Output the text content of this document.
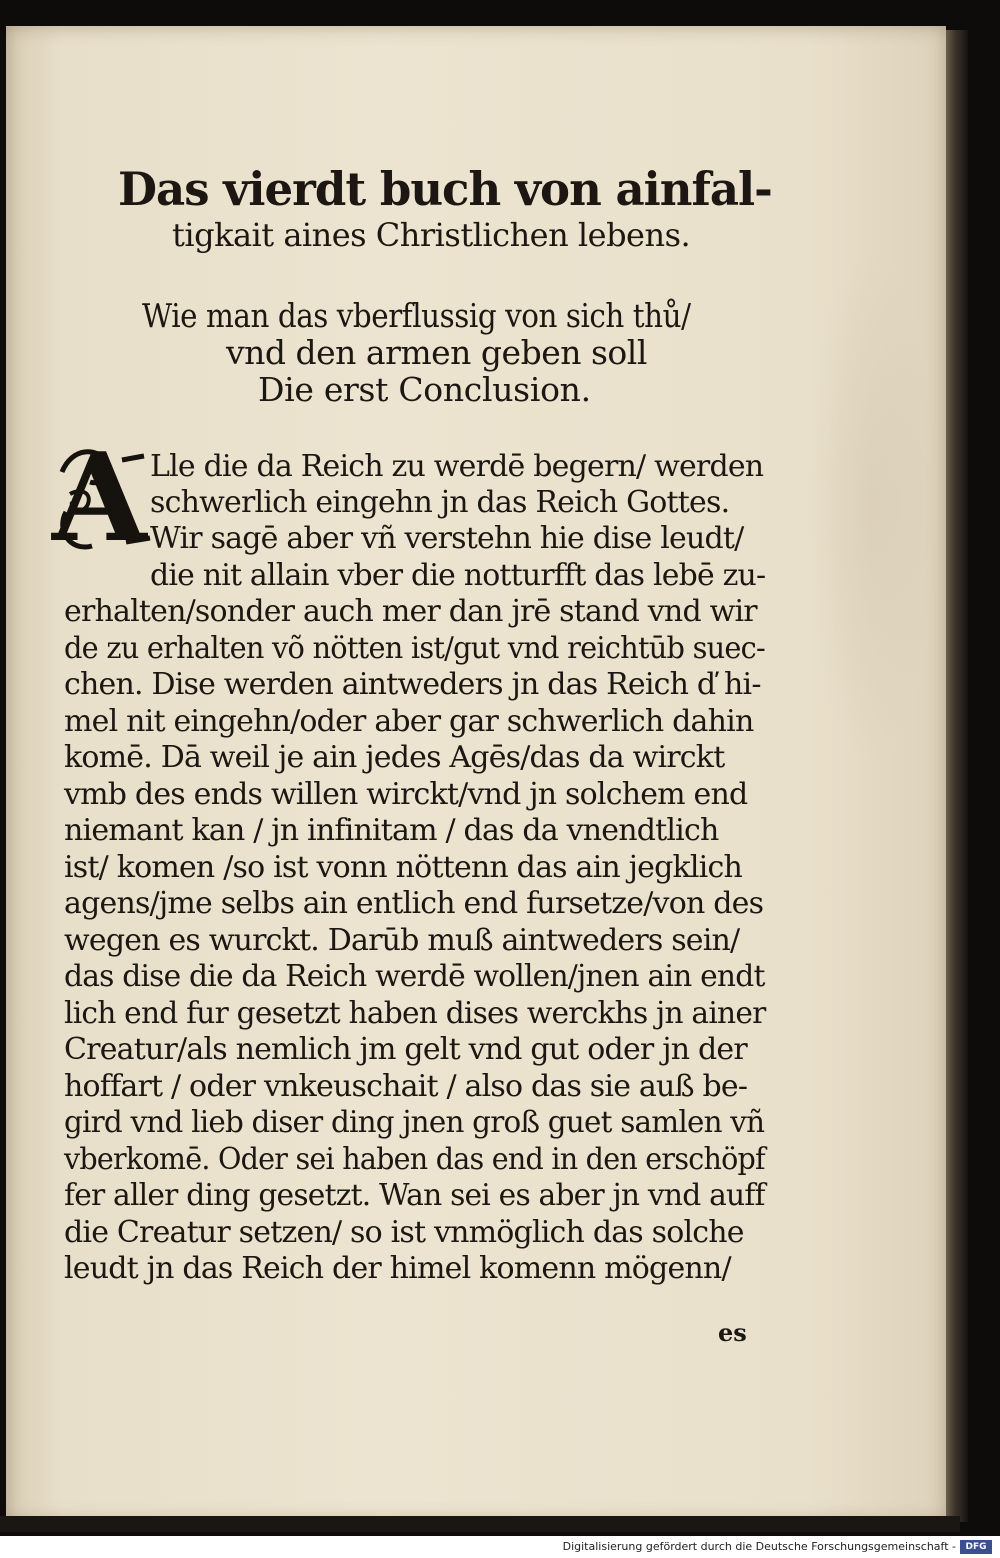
Das vierdt buch von ainfal-
tigkait aines Christlichen lebens.
Wie man das vberflussig von sich thů/
vnd den armen geben soll
Die erst Conclusion.
A Lle die da Reich zu werdē begern/ werden
schwerlich eingehn jn das Reich Gottes.
Wir sagē aber vñ verstehn hie dise leudt/
die nit allain vber die notturfft das lebē zu-
erhalten/sonder auch mer dan jrē stand vnd wir
de zu erhalten võ nötten ist/gut vnd reichtūb suec-
chen. Dise werden aintweders jn das Reich ď hi-
mel nit eingehn/oder aber gar schwerlich dahin
komē. Dā weil je ain jedes Agēs/das da wirckt
vmb des ends willen wirckt/vnd jn solchem end
niemant kan / jn infinitam / das da vnendtlich
ist/ komen /so ist vonn nöttenn das ain jegklich
agens/jme selbs ain entlich end fursetze/von des
wegen es wurckt. Darūb muß aintweders sein/
das dise die da Reich werdē wollen/jnen ain endt
lich end fur gesetzt haben dises werckhs jn ainer
Creatur/als nemlich jm gelt vnd gut oder jn der
hoffart / oder vnkeuschait / also das sie auß be-
gird vnd lieb diser ding jnen groß guet samlen vñ
vberkomē. Oder sei haben das end in den erschöpf
fer aller ding gesetzt. Wan sei es aber jn vnd auff
die Creatur setzen/ so ist vnmöglich das solche
leudt jn das Reich der himel komenn mögenn/
es
Digitalisierung gefördert durch die Deutsche Forschungsgemeinschaft -	DFG
